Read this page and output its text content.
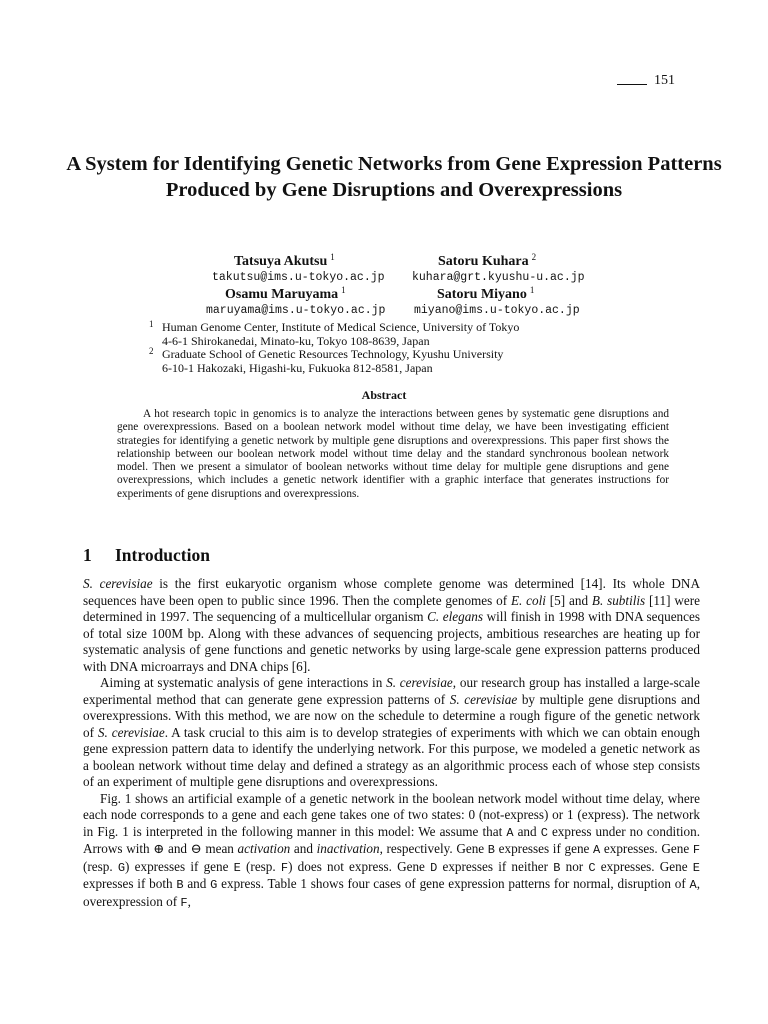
151
A System for Identifying Genetic Networks from Gene Expression Patterns Produced by Gene Disruptions and Overexpressions
Tatsuya Akutsu $^1$
takutsu@ims.u-tokyo.ac.jp
Satoru Kuhara $^2$
kuhara@grt.kyushu-u.ac.jp
Osamu Maruyama $^1$
maruyama@ims.u-tokyo.ac.jp
Satoru Miyano $^1$
miyano@ims.u-tokyo.ac.jp
1 Human Genome Center, Institute of Medical Science, University of Tokyo
4-6-1 Shirokanedai, Minato-ku, Tokyo 108-8639, Japan
2 Graduate School of Genetic Resources Technology, Kyushu University
6-10-1 Hakozaki, Higashi-ku, Fukuoka 812-8581, Japan
Abstract
A hot research topic in genomics is to analyze the interactions between genes by systematic gene disruptions and gene overexpressions. Based on a boolean network model without time delay, we have been investigating efficient strategies for identifying a genetic network by multiple gene disruptions and overexpressions. This paper first shows the relationship between our boolean network model without time delay and the standard synchronous boolean network model. Then we present a simulator of boolean networks without time delay for multiple gene disruptions and gene overexpressions, which includes a genetic network identifier with a graphic interface that generates instructions for experiments of gene disruptions and overexpressions.
1 Introduction

S. cerevisiae is the first eukaryotic organism whose complete genome was determined [14]. Its whole DNA sequences have been open to public since 1996. Then the complete genomes of E. coli [5] and B. subtilis [11] were determined in 1997. The sequencing of a multicellular organism C. elegans will finish in 1998 with DNA sequences of total size 100M bp. Along with these advances of sequencing projects, ambitious researches are heating up for systematic analysis of gene functions and genetic networks by using large-scale gene expression patterns produced with DNA microarrays and DNA chips [6].

Aiming at systematic analysis of gene interactions in S. cerevisiae, our research group has installed a large-scale experimental method that can generate gene expression patterns of S. cerevisiae by multiple gene disruptions and overexpressions. With this method, we are now on the schedule to determine a rough figure of the genetic network of S. cerevisiae. A task crucial to this aim is to develop strategies of experiments with which we can obtain enough gene expression pattern data to identify the underlying network. For this purpose, we modeled a genetic network as a boolean network without time delay and defined a strategy as an algorithmic process each of whose step consists of an experiment of multiple gene disruptions and overexpressions.

Fig. 1 shows an artificial example of a genetic network in the boolean network model without time delay, where each node corresponds to a gene and each gene takes one of two states: 0 (not-express) or 1 (express). The network in Fig. 1 is interpreted in the following manner in this model: We assume that A and C express under no condition. Arrows with ⊕ and ⊖ mean activation and inactivation, respectively. Gene B expresses if gene A expresses. Gene F (resp. G) expresses if gene E (resp. F) does not express. Gene D expresses if neither B nor C expresses. Gene E expresses if both B and G express. Table 1 shows four cases of gene expression patterns for normal, disruption of A, overexpression of F,
